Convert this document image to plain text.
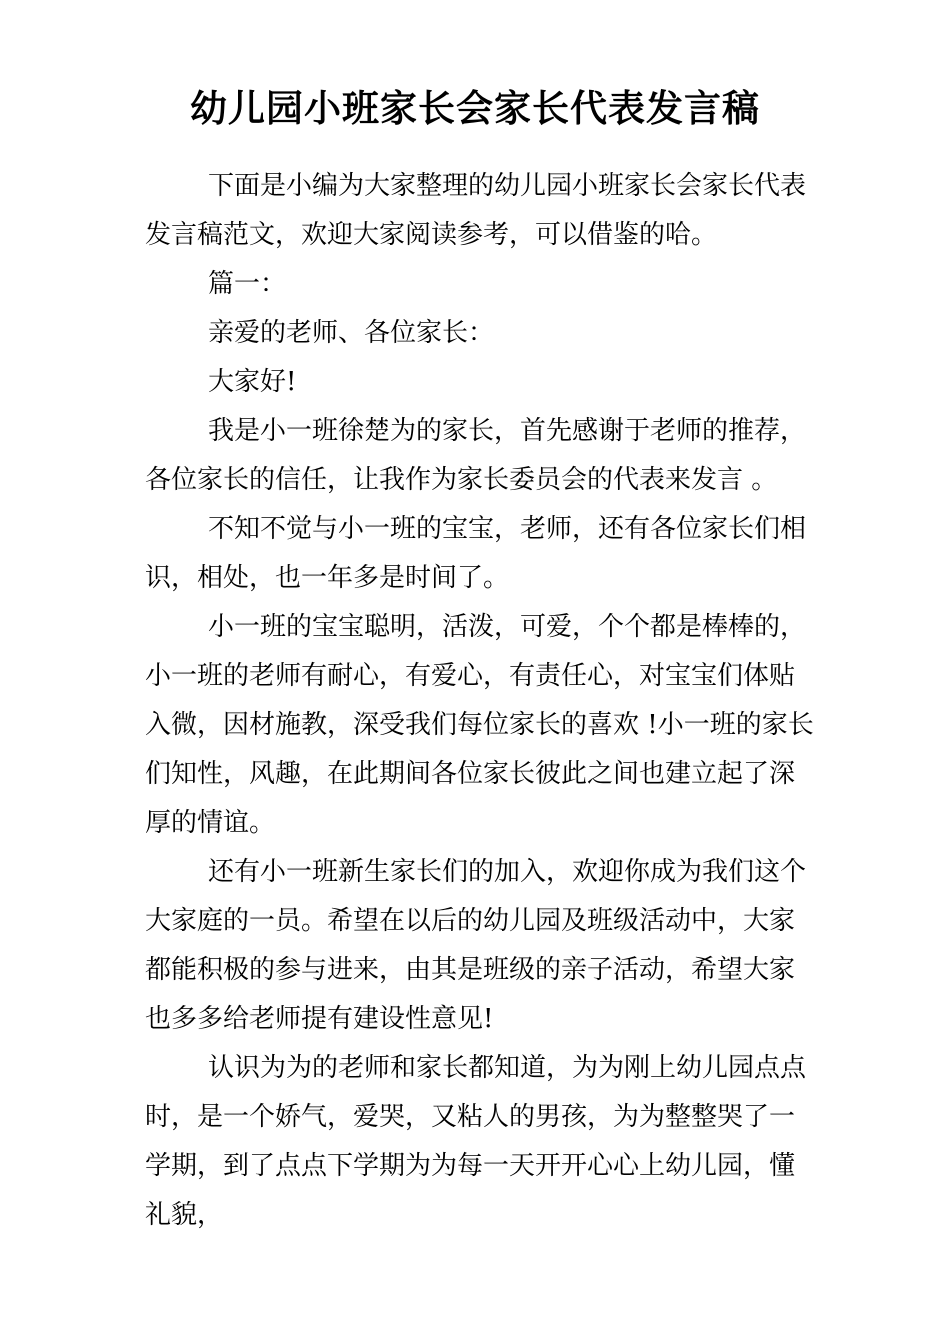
幼儿园小班家长会家长代表发言稿

下面是小编为大家整理的幼儿园小班家长会家长代表发言稿范文，欢迎大家阅读参考，可以借鉴的哈。

篇一：

亲爱的老师、各位家长：

大家好!

我是小一班徐楚为的家长，首先感谢于老师的推荐，各位家长的信任，让我作为家长委员会的代表来发言 。

不知不觉与小一班的宝宝，老师，还有各位家长们相识，相处，也一年多是时间了。

小一班的宝宝聪明，活泼，可爱，个个都是棒棒的，小一班的老师有耐心，有爱心，有责任心，对宝宝们体贴入微，因材施教，深受我们每位家长的喜欢 !小一班的家长们知性，风趣，在此期间各位家长彼此之间也建立起了深厚的情谊。

还有小一班新生家长们的加入，欢迎你成为我们这个大家庭的一员。希望在以后的幼儿园及班级活动中，大家都能积极的参与进来，由其是班级的亲子活动，希望大家也多多给老师提有建设性意见!

认识为为的老师和家长都知道，为为刚上幼儿园点点时，是一个娇气，爱哭，又粘人的男孩，为为整整哭了一学期，到了点点下学期为为每一天开开心心上幼儿园，懂礼貌，
